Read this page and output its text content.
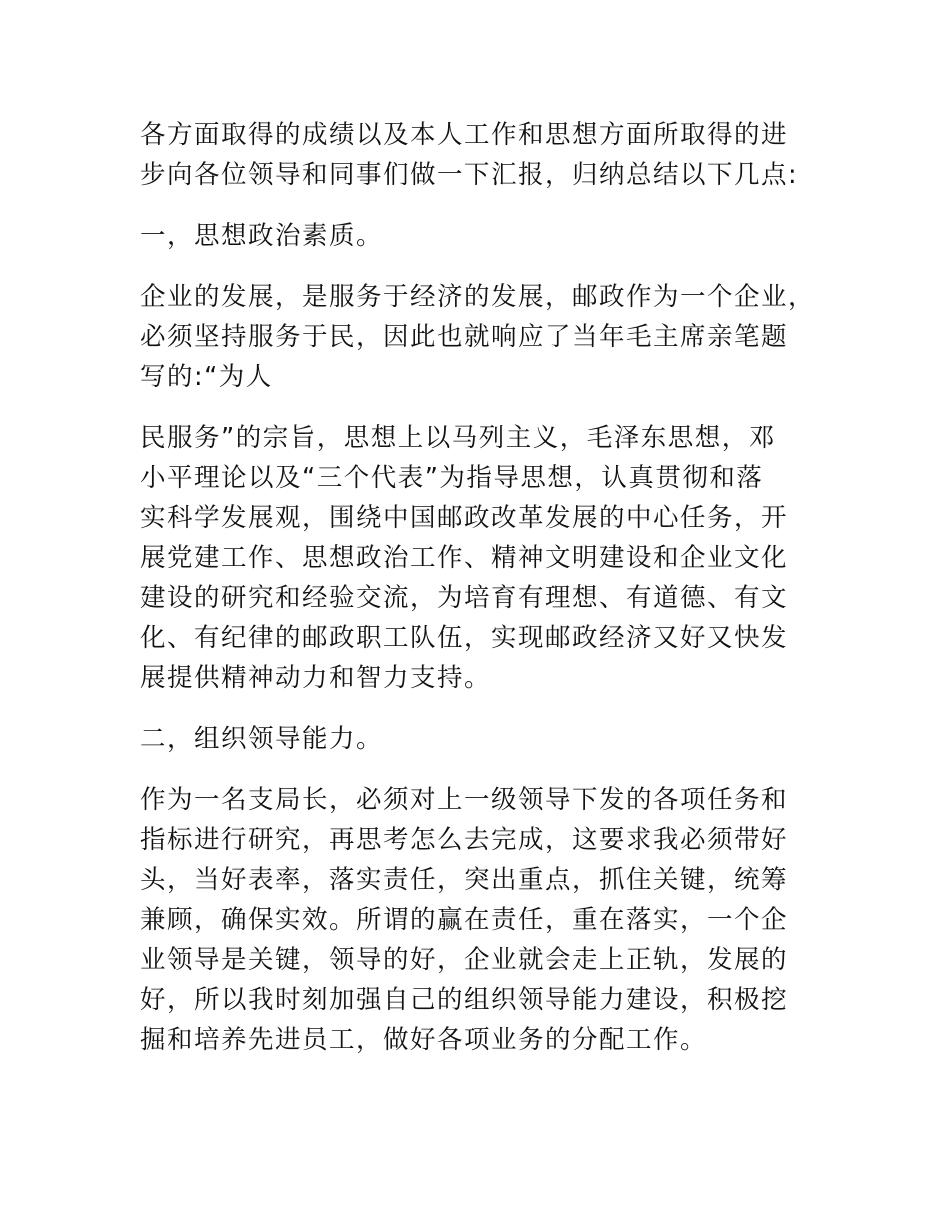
各方面取得的成绩以及本人工作和思想方面所取得的进
步向各位领导和同事们做一下汇报，归纳总结以下几点:

一，思想政治素质。

企业的发展，是服务于经济的发展，邮政作为一个企业，
必须坚持服务于民，因此也就响应了当年毛主席亲笔题
写的:“为人

民服务”的宗旨，思想上以马列主义，毛泽东思想，邓
小平理论以及“三个代表”为指导思想，认真贯彻和落
实科学发展观，围绕中国邮政改革发展的中心任务，开
展党建工作、思想政治工作、精神文明建设和企业文化
建设的研究和经验交流，为培育有理想、有道德、有文
化、有纪律的邮政职工队伍，实现邮政经济又好又快发
展提供精神动力和智力支持。

二，组织领导能力。

作为一名支局长，必须对上一级领导下发的各项任务和
指标进行研究，再思考怎么去完成，这要求我必须带好
头，当好表率，落实责任，突出重点，抓住关键，统筹
兼顾，确保实效。所谓的赢在责任，重在落实，一个企
业领导是关键，领导的好，企业就会走上正轨，发展的
好，所以我时刻加强自己的组织领导能力建设，积极挖
掘和培养先进员工，做好各项业务的分配工作。
